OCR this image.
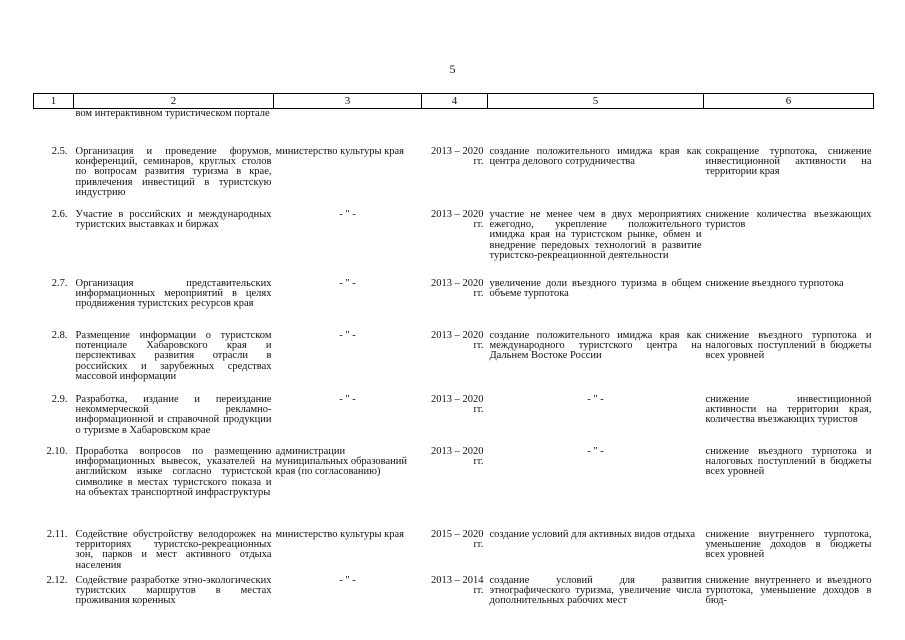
5
1	2	3	4	5	6
	вом интерактивном туристическом портале				
2.5.	Организация и проведение форумов, конференций, семинаров, круглых столов по вопросам развития туризма в крае, привлечения инвестиций в туристскую индустрию	министерство культуры края	2013 – 2020 гг.	создание положительного имиджа края как центра делового сотрудничества	сокращение турпотока, снижение инвестиционной активности на территории края
2.6.	Участие в российских и международных туристских выставках и биржах	- " -	2013 – 2020 гг.	участие не менее чем в двух мероприятиях ежегодно, укрепление положительного имиджа края на туристском рынке, обмен и внедрение передовых технологий в развитие туристско-рекреационной деятельности	снижение количества въезжающих туристов
2.7.	Организация представительских информационных мероприятий в целях продвижения туристских ресурсов края	- " -	2013 – 2020 гг.	увеличение доли въездного туризма в общем объеме турпотока	снижение въездного турпотока
2.8.	Размещение информации о туристском потенциале Хабаровского края и перспективах развития отрасли в российских и зарубежных средствах массовой информации	- " -	2013 – 2020 гг.	создание положительного имиджа края как международного туристского центра на Дальнем Востоке России	снижение въездного турпотока и налоговых поступлений в бюджеты всех уровней
2.9.	Разработка, издание и переиздание некоммерческой рекламно-информационной и справочной продукции о туризме в Хабаровском крае	- " -	2013 – 2020 гг.	- " -	снижение инвестиционной активности на территории края, количества въезжающих туристов
2.10.	Проработка вопросов по размещению информационных вывесок, указателей на английском языке согласно туристской символике в местах туристского показа и на объектах транспортной инфраструктуры	администрации муниципальных образований края (по согласованию)	2013 – 2020 гг.	- " -	снижение въездного турпотока и налоговых поступлений в бюджеты всех уровней
2.11.	Содействие обустройству велодорожек на территориях туристско-рекреационных зон, парков и мест активного отдыха населения	министерство культуры края	2015 – 2020 гг.	создание условий для активных видов отдыха	снижение внутреннего турпотока, уменьшение доходов в бюджеты всех уровней
2.12.	Содействие разработке этно-экологических туристских маршрутов в местах проживания коренных	- " -	2013 – 2014 гг.	создание условий для развития этнографического туризма, увеличение числа дополнительных рабочих мест	снижение внутреннего и въездного турпотока, уменьшение доходов в бюд-
